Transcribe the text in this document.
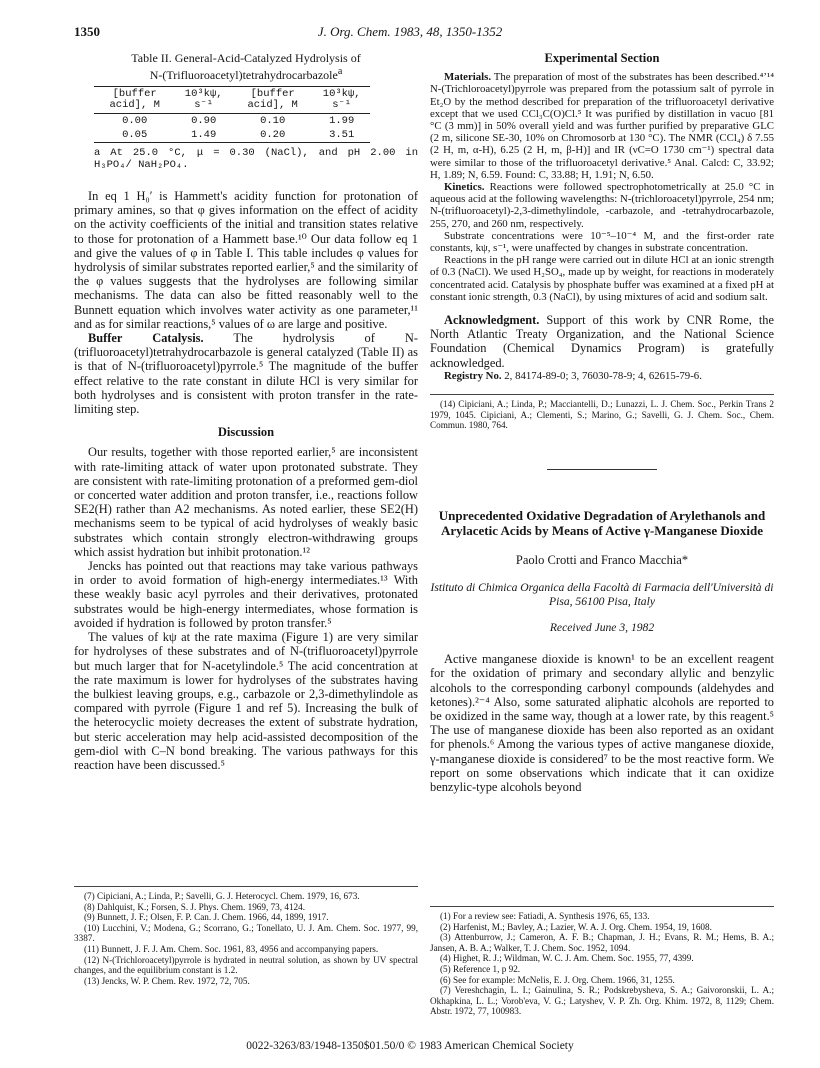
1350	J. Org. Chem. 1983, 48, 1350-1352
Table II. General-Acid-Catalyzed Hydrolysis of
N-(Trifluoroacetyl)tetrahydrocarbazole$^a$
[buffer acid], M	10³kψ, s⁻¹	[buffer acid], M	10³kψ, s⁻¹
0.00	0.90	0.10	1.99
0.05	1.49	0.20	3.51
a At 25.0 °C, μ = 0.30 (NaCl), and pH 2.00 in H₃PO₄/ NaH₂PO₄.

In eq 1 H₀′ is Hammett's acidity function for protonation of primary amines, so that φ gives information on the effect of acidity on the activity coefficients of the initial and transition states relative to those for protonation of a Hammett base.¹⁰ Our data follow eq 1 and give the values of φ in Table I. This table includes φ values for hydrolysis of similar substrates reported earlier,⁵ and the similarity of the φ values suggests that the hydrolyses are following similar mechanisms. The data can also be fitted reasonably well to the Bunnett equation which involves water activity as one parameter,¹¹ and as for similar reactions,⁵ values of ω are large and positive.

Buffer Catalysis. The hydrolysis of N-(trifluoroacetyl)tetrahydrocarbazole is general catalyzed (Table II) as is that of N-(trifluoroacetyl)pyrrole.⁵ The magnitude of the buffer effect relative to the rate constant in dilute HCl is very similar for both hydrolyses and is consistent with proton transfer in the rate-limiting step.

Discussion

Our results, together with those reported earlier,⁵ are inconsistent with rate-limiting attack of water upon protonated substrate. They are consistent with rate-limiting protonation of a preformed gem-diol or concerted water addition and proton transfer, i.e., reactions follow SE2(H) rather than A2 mechanisms. As noted earlier, these SE2(H) mechanisms seem to be typical of acid hydrolyses of weakly basic substrates which contain strongly electron-withdrawing groups which assist hydration but inhibit protonation.¹²

Jencks has pointed out that reactions may take various pathways in order to avoid formation of high-energy intermediates.¹³ With these weakly basic acyl pyrroles and their derivatives, protonated substrates would be high-energy intermediates, whose formation is avoided if hydration is followed by proton transfer.⁵

The values of kψ at the rate maxima (Figure 1) are very similar for hydrolyses of these substrates and of N-(trifluoroacetyl)pyrrole but much larger that for N-acetylindole.⁵ The acid concentration at the rate maximum is lower for hydrolyses of the substrates having the bulkiest leaving groups, e.g., carbazole or 2,3-dimethylindole as compared with pyrrole (Figure 1 and ref 5). Increasing the bulk of the heterocyclic moiety decreases the extent of substrate hydration, but steric acceleration may help acid-assisted decomposition of the gem-diol with C–N bond breaking. The various pathways for this reaction have been discussed.⁵

(7) Cipiciani, A.; Linda, P.; Savelli, G. J. Heterocycl. Chem. 1979, 16, 673.
(8) Dahlquist, K.; Forsen, S. J. Phys. Chem. 1969, 73, 4124.
(9) Bunnett, J. F.; Olsen, F. P. Can. J. Chem. 1966, 44, 1899, 1917.
(10) Lucchini, V.; Modena, G.; Scorrano, G.; Tonellato, U. J. Am. Chem. Soc. 1977, 99, 3387.
(11) Bunnett, J. F. J. Am. Chem. Soc. 1961, 83, 4956 and accompanying papers.
(12) N-(Trichloroacetyl)pyrrole is hydrated in neutral solution, as shown by UV spectral changes, and the equilibrium constant is 1.2.
(13) Jencks, W. P. Chem. Rev. 1972, 72, 705.
Experimental Section

Materials. The preparation of most of the substrates has been described.⁴ʼ¹⁴ N-(Trichloroacetyl)pyrrole was prepared from the potassium salt of pyrrole in Et₂O by the method described for preparation of the trifluoroacetyl derivative except that we used CCl₃C(O)Cl.⁵ It was purified by distillation in vacuo [81 °C (3 mm)] in 50% overall yield and was further purified by preparative GLC (2 m, silicone SE-30, 10% on Chromosorb at 130 °C). The NMR (CCl₄) δ 7.55 (2 H, m, α-H), 6.25 (2 H, m, β-H)] and IR (νC=O 1730 cm⁻¹) spectral data were similar to those of the trifluoroacetyl derivative.⁵ Anal. Calcd: C, 33.92; H, 1.89; N, 6.59. Found: C, 33.88; H, 1.91; N, 6.50.

Kinetics. Reactions were followed spectrophotometrically at 25.0 °C in aqueous acid at the following wavelengths: N-(trichloroacetyl)pyrrole, 254 nm; N-(trifluoroacetyl)-2,3-dimethylindole, -carbazole, and -tetrahydrocarbazole, 255, 270, and 260 nm, respectively.

Substrate concentrations were 10⁻⁵–10⁻⁴ M, and the first-order rate constants, kψ, s⁻¹, were unaffected by changes in substrate concentration.

Reactions in the pH range were carried out in dilute HCl at an ionic strength of 0.3 (NaCl). We used H₂SO₄, made up by weight, for reactions in moderately concentrated acid. Catalysis by phosphate buffer was examined at a fixed pH at constant ionic strength, 0.3 (NaCl), by using mixtures of acid and sodium salt.

Acknowledgment. Support of this work by CNR Rome, the North Atlantic Treaty Organization, and the National Science Foundation (Chemical Dynamics Program) is gratefully acknowledged.

Registry No. 2, 84174-89-0; 3, 76030-78-9; 4, 62615-79-6.

(14) Cipiciani, A.; Linda, P.; Macciantelli, D.; Lunazzi, L. J. Chem. Soc., Perkin Trans 2 1979, 1045. Cipiciani, A.; Clementi, S.; Marino, G.; Savelli, G. J. Chem. Soc., Chem. Commun. 1980, 764.
Unprecedented Oxidative Degradation of Arylethanols and Arylacetic Acids by Means of Active γ-Manganese Dioxide
Paolo Crotti and Franco Macchia*
Istituto di Chimica Organica della Facoltà di Farmacia dell'Università di Pisa, 56100 Pisa, Italy
Received June 3, 1982

Active manganese dioxide is known¹ to be an excellent reagent for the oxidation of primary and secondary allylic and benzylic alcohols to the corresponding carbonyl compounds (aldehydes and ketones).²⁻⁴ Also, some saturated aliphatic alcohols are reported to be oxidized in the same way, though at a lower rate, by this reagent.⁵ The use of manganese dioxide has been also reported as an oxidant for phenols.⁶ Among the various types of active manganese dioxide, γ-manganese dioxide is considered⁷ to be the most reactive form. We report on some observations which indicate that it can oxidize benzylic-type alcohols beyond

(1) For a review see: Fatiadi, A. Synthesis 1976, 65, 133.
(2) Harfenist, M.; Bavley, A.; Lazier, W. A. J. Org. Chem. 1954, 19, 1608.
(3) Attenburrow, J.; Cameron, A. F. B.; Chapman, J. H.; Evans, R. M.; Hems, B. A.; Jansen, A. B. A.; Walker, T. J. Chem. Soc. 1952, 1094.
(4) Highet, R. J.; Wildman, W. C. J. Am. Chem. Soc. 1955, 77, 4399.
(5) Reference 1, p 92.
(6) See for example: McNelis, E. J. Org. Chem. 1966, 31, 1255.
(7) Vereshchagin, L. I.; Gainulina, S. R.; Podskrebysheva, S. A.; Gaivoronskii, L. A.; Okhapkina, L. L.; Vorob'eva, V. G.; Latyshev, V. P. Zh. Org. Khim. 1972, 8, 1129; Chem. Abstr. 1972, 77, 100983.
0022-3263/83/1948-1350$01.50/0 © 1983 American Chemical Society
